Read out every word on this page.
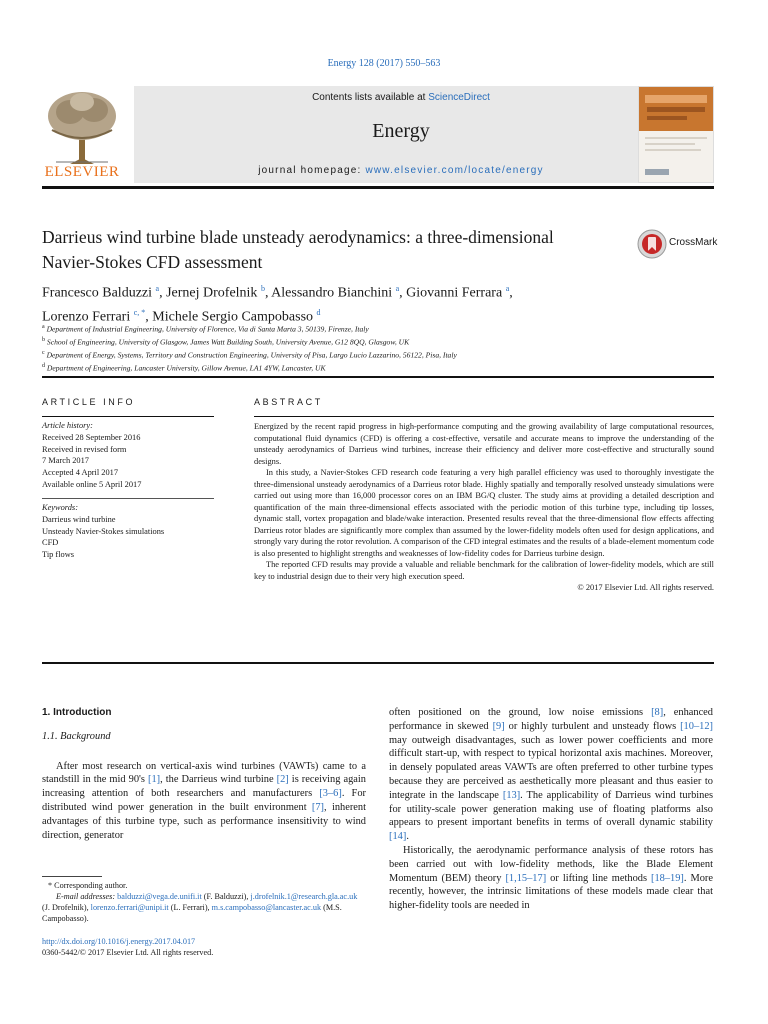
Energy 128 (2017) 550–563
ELSEVIER
Contents lists available at ScienceDirect
Energy
journal homepage: www.elsevier.com/locate/energy
Darrieus wind turbine blade unsteady aerodynamics: a three-dimensional Navier-Stokes CFD assessment
CrossMark
Francesco Balduzzi $^a$, Jernej Drofelnik $^b$, Alessandro Bianchini $^a$, Giovanni Ferrara $^a$,
Lorenzo Ferrari $^{c, *}$, Michele Sergio Campobasso $^d$
$^a$ Department of Industrial Engineering, University of Florence, Via di Santa Marta 3, 50139, Firenze, Italy
$^b$ School of Engineering, University of Glasgow, James Watt Building South, University Avenue, G12 8QQ, Glasgow, UK
$^c$ Department of Energy, Systems, Territory and Construction Engineering, University of Pisa, Largo Lucio Lazzarino, 56122, Pisa, Italy
$^d$ Department of Engineering, Lancaster University, Gillow Avenue, LA1 4YW, Lancaster, UK
ARTICLE INFO	ABSTRACT
Article history:
Received 28 September 2016
Received in revised form
7 March 2017
Accepted 4 April 2017
Available online 5 April 2017
Keywords:
Darrieus wind turbine
Unsteady Navier-Stokes simulations
CFD
Tip flows

Energized by the recent rapid progress in high-performance computing and the growing availability of large computational resources, computational fluid dynamics (CFD) is offering a cost-effective, versatile and accurate means to improve the understanding of the unsteady aerodynamics of Darrieus wind turbines, increase their efficiency and deliver more cost-effective and structurally sound designs.

In this study, a Navier-Stokes CFD research code featuring a very high parallel efficiency was used to thoroughly investigate the three-dimensional unsteady aerodynamics of a Darrieus rotor blade. Highly spatially and temporally resolved unsteady simulations were carried out using more than 16,000 processor cores on an IBM BG/Q cluster. The study aims at providing a detailed description and quantification of the main three-dimensional effects associated with the periodic motion of this turbine type, including tip losses, dynamic stall, vortex propagation and blade/wake interaction. Presented results reveal that the three-dimensional flow effects affecting Darrieus rotor blades are significantly more complex than assumed by the lower-fidelity models often used for design applications, and strongly vary during the rotor revolution. A comparison of the CFD integral estimates and the results of a blade-element momentum code is also presented to highlight strengths and weaknesses of low-fidelity codes for Darrieus turbine design.

The reported CFD results may provide a valuable and reliable benchmark for the calibration of lower-fidelity models, which are still key to industrial design due to their very high execution speed.

© 2017 Elsevier Ltd. All rights reserved.

1. Introduction

1.1. Background

After most research on vertical-axis wind turbines (VAWTs) came to a standstill in the mid 90's [1], the Darrieus wind turbine [2] is receiving again increasing attention of both researchers and manufacturers [3–6]. For distributed wind power generation in the built environment [7], inherent advantages of this turbine type, such as performance insensitivity to wind direction, generator

often positioned on the ground, low noise emissions [8], enhanced performance in skewed [9] or highly turbulent and unsteady flows [10–12] may outweigh disadvantages, such as lower power coefficients and more difficult start-up, with respect to typical horizontal axis machines. Moreover, in densely populated areas VAWTs are often preferred to other turbine types because they are perceived as aesthetically more pleasant and thus easier to integrate in the landscape [13]. The applicability of Darrieus wind turbines for utility-scale power generation making use of floating platforms also appears to present important benefits in terms of overall dynamic stability [14].

Historically, the aerodynamic performance analysis of these rotors has been carried out with low-fidelity methods, like the Blade Element Momentum (BEM) theory [1,15–17] or lifting line methods [18–19]. More recently, however, the intrinsic limitations of these models made clear that higher-fidelity tools are needed in

* Corresponding author.

E-mail addresses: balduzzi@vega.de.unifi.it (F. Balduzzi), j.drofelnik.1@research.gla.ac.uk (J. Drofelnik), lorenzo.ferrari@unipi.it (L. Ferrari), m.s.campobasso@lancaster.ac.uk (M.S. Campobasso).

http://dx.doi.org/10.1016/j.energy.2017.04.017
0360-5442/© 2017 Elsevier Ltd. All rights reserved.
